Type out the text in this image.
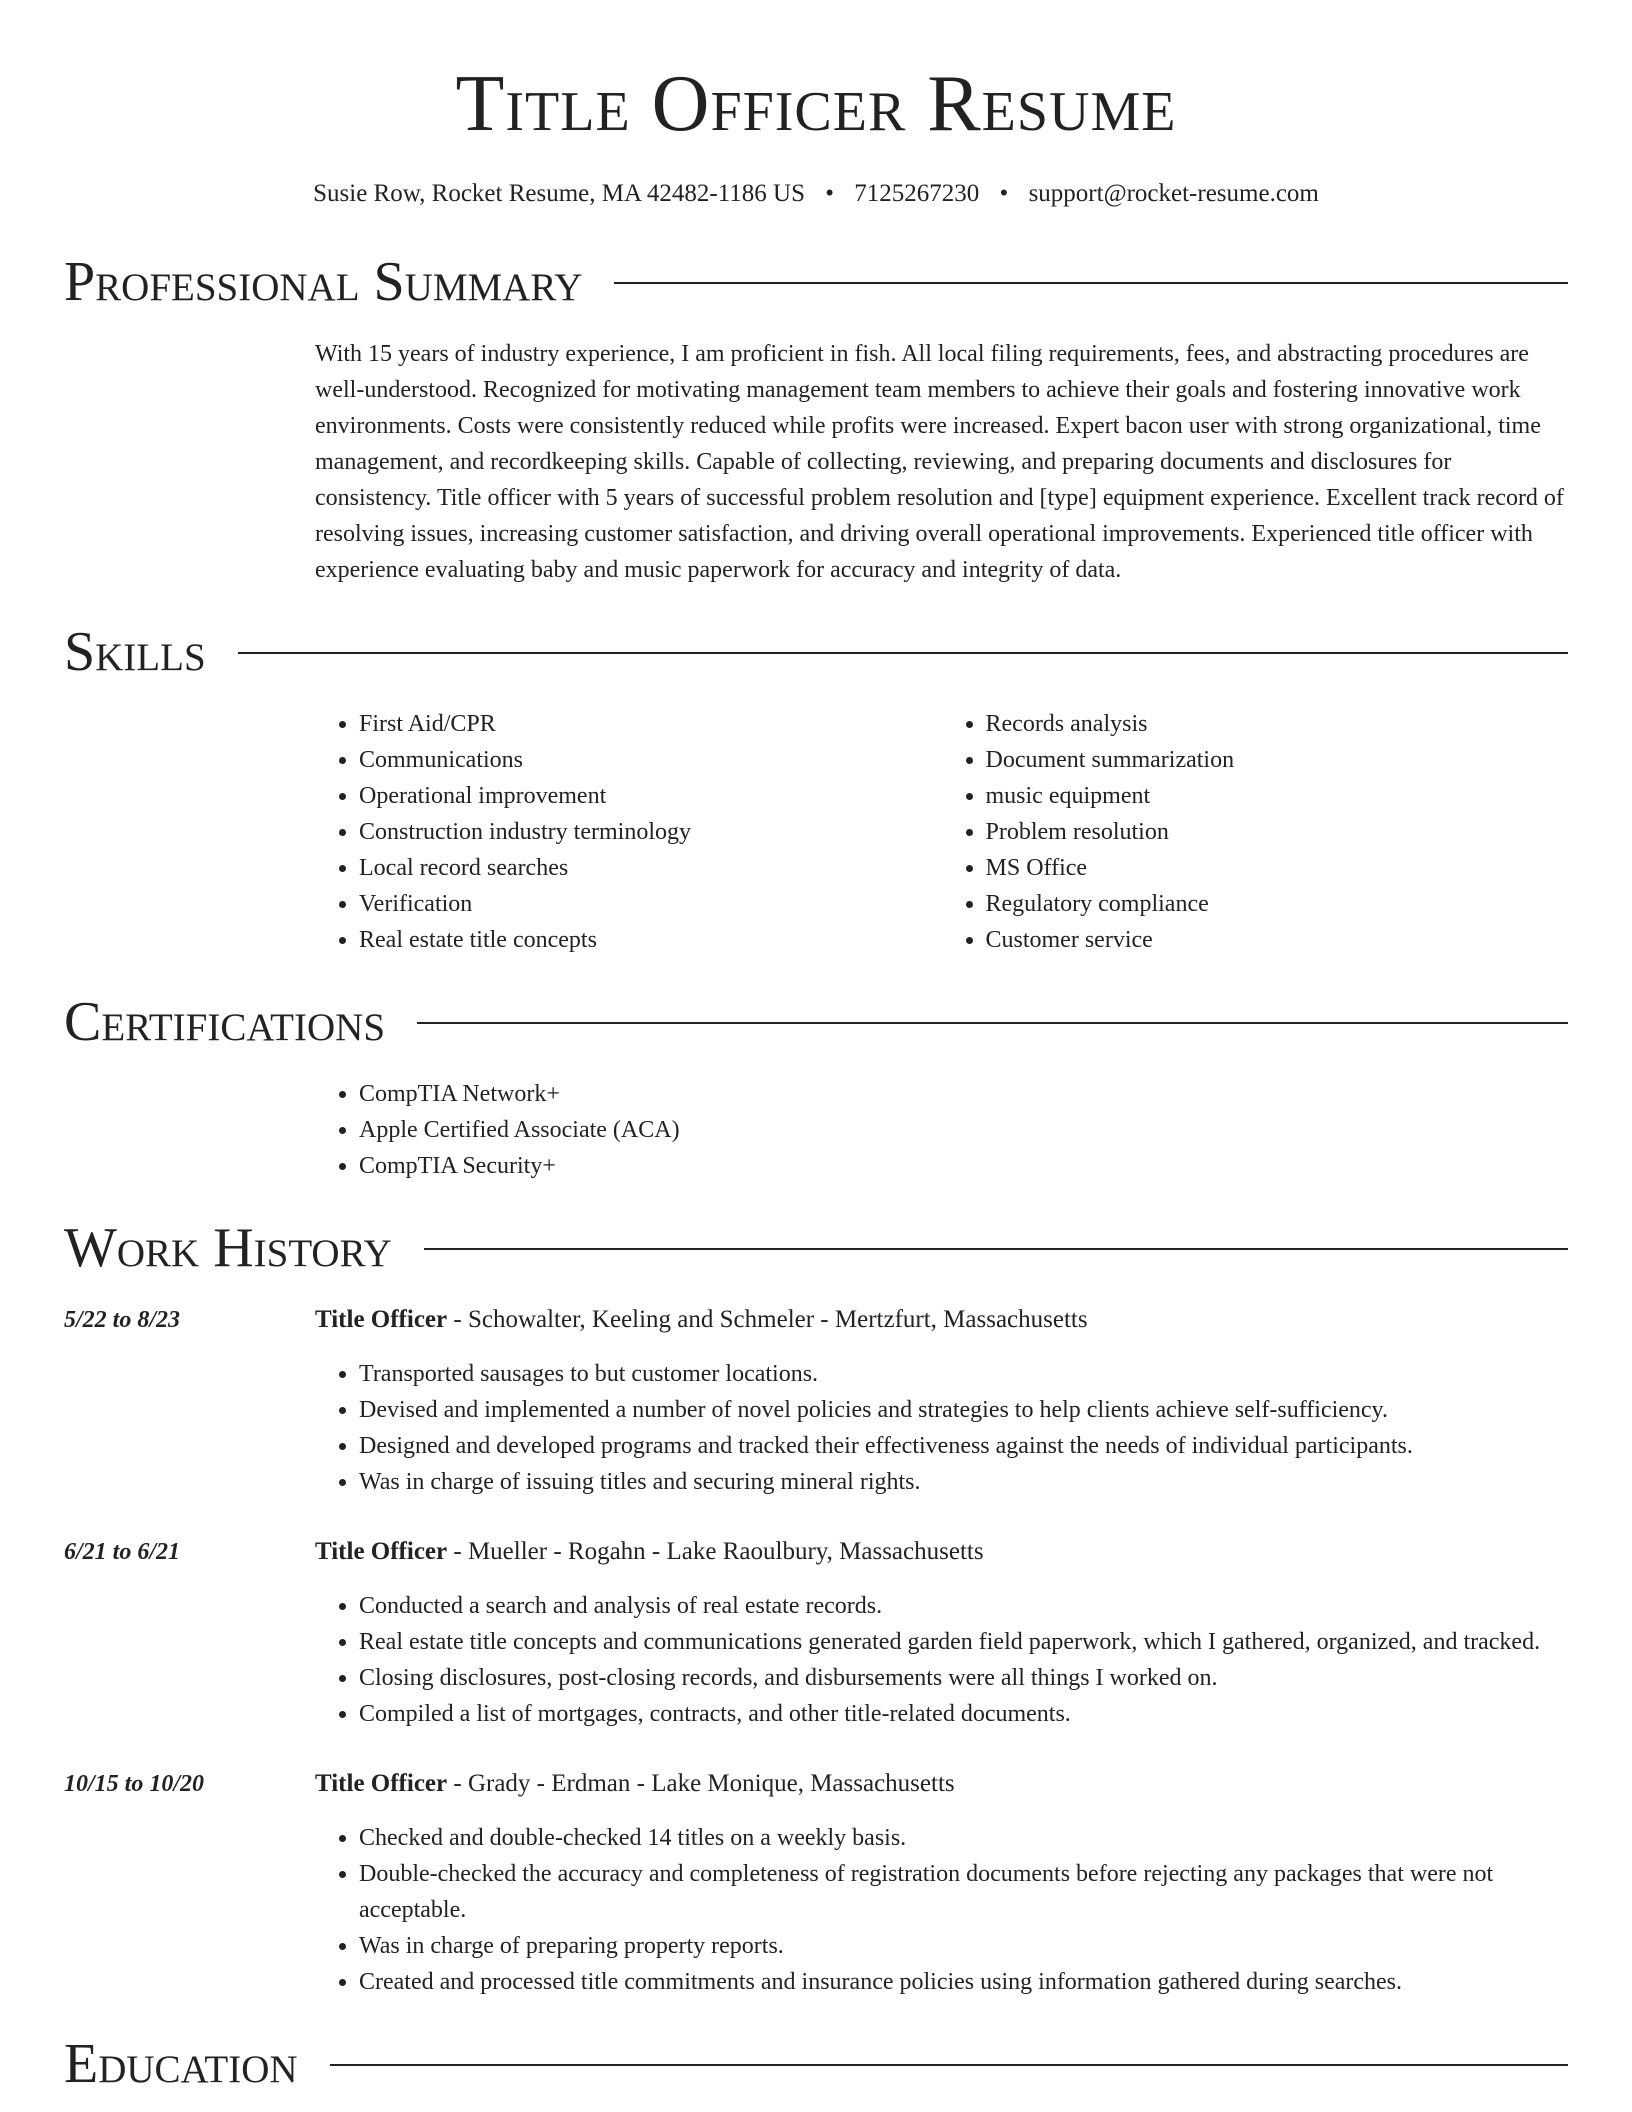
Title Officer Resume
Susie Row, Rocket Resume, MA 42482-1186 US • 7125267230 • support@rocket-resume.com
Professional Summary

With 15 years of industry experience, I am proficient in fish. All local filing requirements, fees, and abstracting procedures are well-understood. Recognized for motivating management team members to achieve their goals and fostering innovative work environments. Costs were consistently reduced while profits were increased. Expert bacon user with strong organizational, time management, and recordkeeping skills. Capable of collecting, reviewing, and preparing documents and disclosures for consistency. Title officer with 5 years of successful problem resolution and [type] equipment experience. Excellent track record of resolving issues, increasing customer satisfaction, and driving overall operational improvements. Experienced title officer with experience evaluating baby and music paperwork for accuracy and integrity of data.

Skills
• First Aid/CPR
• Communications
• Operational improvement
• Construction industry terminology
• Local record searches
• Verification
• Real estate title concepts
• Records analysis
• Document summarization
• music equipment
• Problem resolution
• MS Office
• Regulatory compliance
• Customer service
Certifications
• CompTIA Network+
• Apple Certified Associate (ACA)
• CompTIA Security+
Work History
5/22 to 8/23	Title Officer - Schowalter, Keeling and Schmeler - Mertzfurt, Massachusetts
• Transported sausages to but customer locations.
• Devised and implemented a number of novel policies and strategies to help clients achieve self-sufficiency.
• Designed and developed programs and tracked their effectiveness against the needs of individual participants.
• Was in charge of issuing titles and securing mineral rights.
6/21 to 6/21	Title Officer - Mueller - Rogahn - Lake Raoulbury, Massachusetts
• Conducted a search and analysis of real estate records.
• Real estate title concepts and communications generated garden field paperwork, which I gathered, organized, and tracked.
• Closing disclosures, post-closing records, and disbursements were all things I worked on.
• Compiled a list of mortgages, contracts, and other title-related documents.
10/15 to 10/20	Title Officer - Grady - Erdman - Lake Monique, Massachusetts
• Checked and double-checked 14 titles on a weekly basis.
• Double-checked the accuracy and completeness of registration documents before rejecting any packages that were not acceptable.
• Was in charge of preparing property reports.
• Created and processed title commitments and insurance policies using information gathered during searches.
Education
